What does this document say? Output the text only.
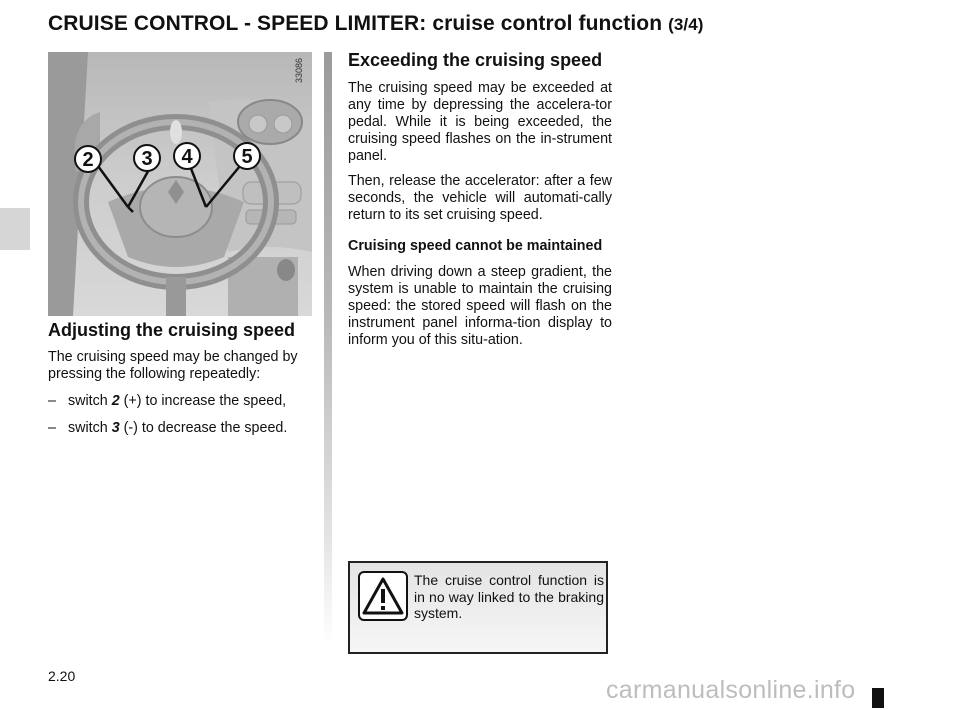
CRUISE CONTROL - SPEED LIMITER: cruise control function (3/4)
2 3 4 5
33086
Adjusting the cruising speed

The cruising speed may be changed by pressing the following repeatedly:

– switch 2 (+) to increase the speed,

– switch 3 (-) to decrease the speed.

Exceeding the cruising speed

The cruising speed may be exceeded at any time by depressing the accelera-tor pedal. While it is being exceeded, the cruising speed flashes on the in-strument panel.

Then, release the accelerator: after a few seconds, the vehicle will automati-cally return to its set cruising speed.

Cruising speed cannot be maintained

When driving down a steep gradient, the system is unable to maintain the cruising speed: the stored speed will flash on the instrument panel informa-tion display to inform you of this situ-ation.

The cruise control function is in no way linked to the braking system.
2.20	carmanualsonline.info
